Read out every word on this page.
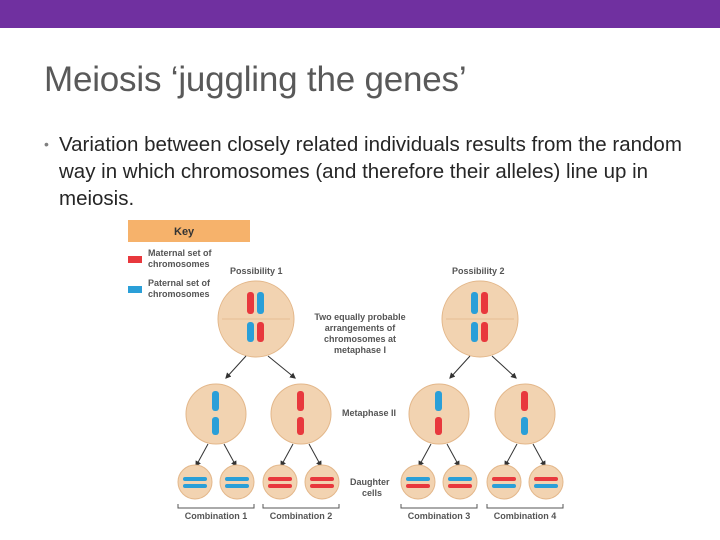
Meiosis ‘juggling the genes’
• Variation between closely related individuals results from the random way in which chromosomes (and therefore their alleles) line up in meiosis.
Key
Maternal set of
chromosomes
Paternal set of
chromosomes
Possibility 1	Possibility 2
Two equally probable
arrangements of
chromosomes at
metaphase I
Metaphase II
Daughter
cells
Combination 1	Combination 2	Combination 3	Combination 4
